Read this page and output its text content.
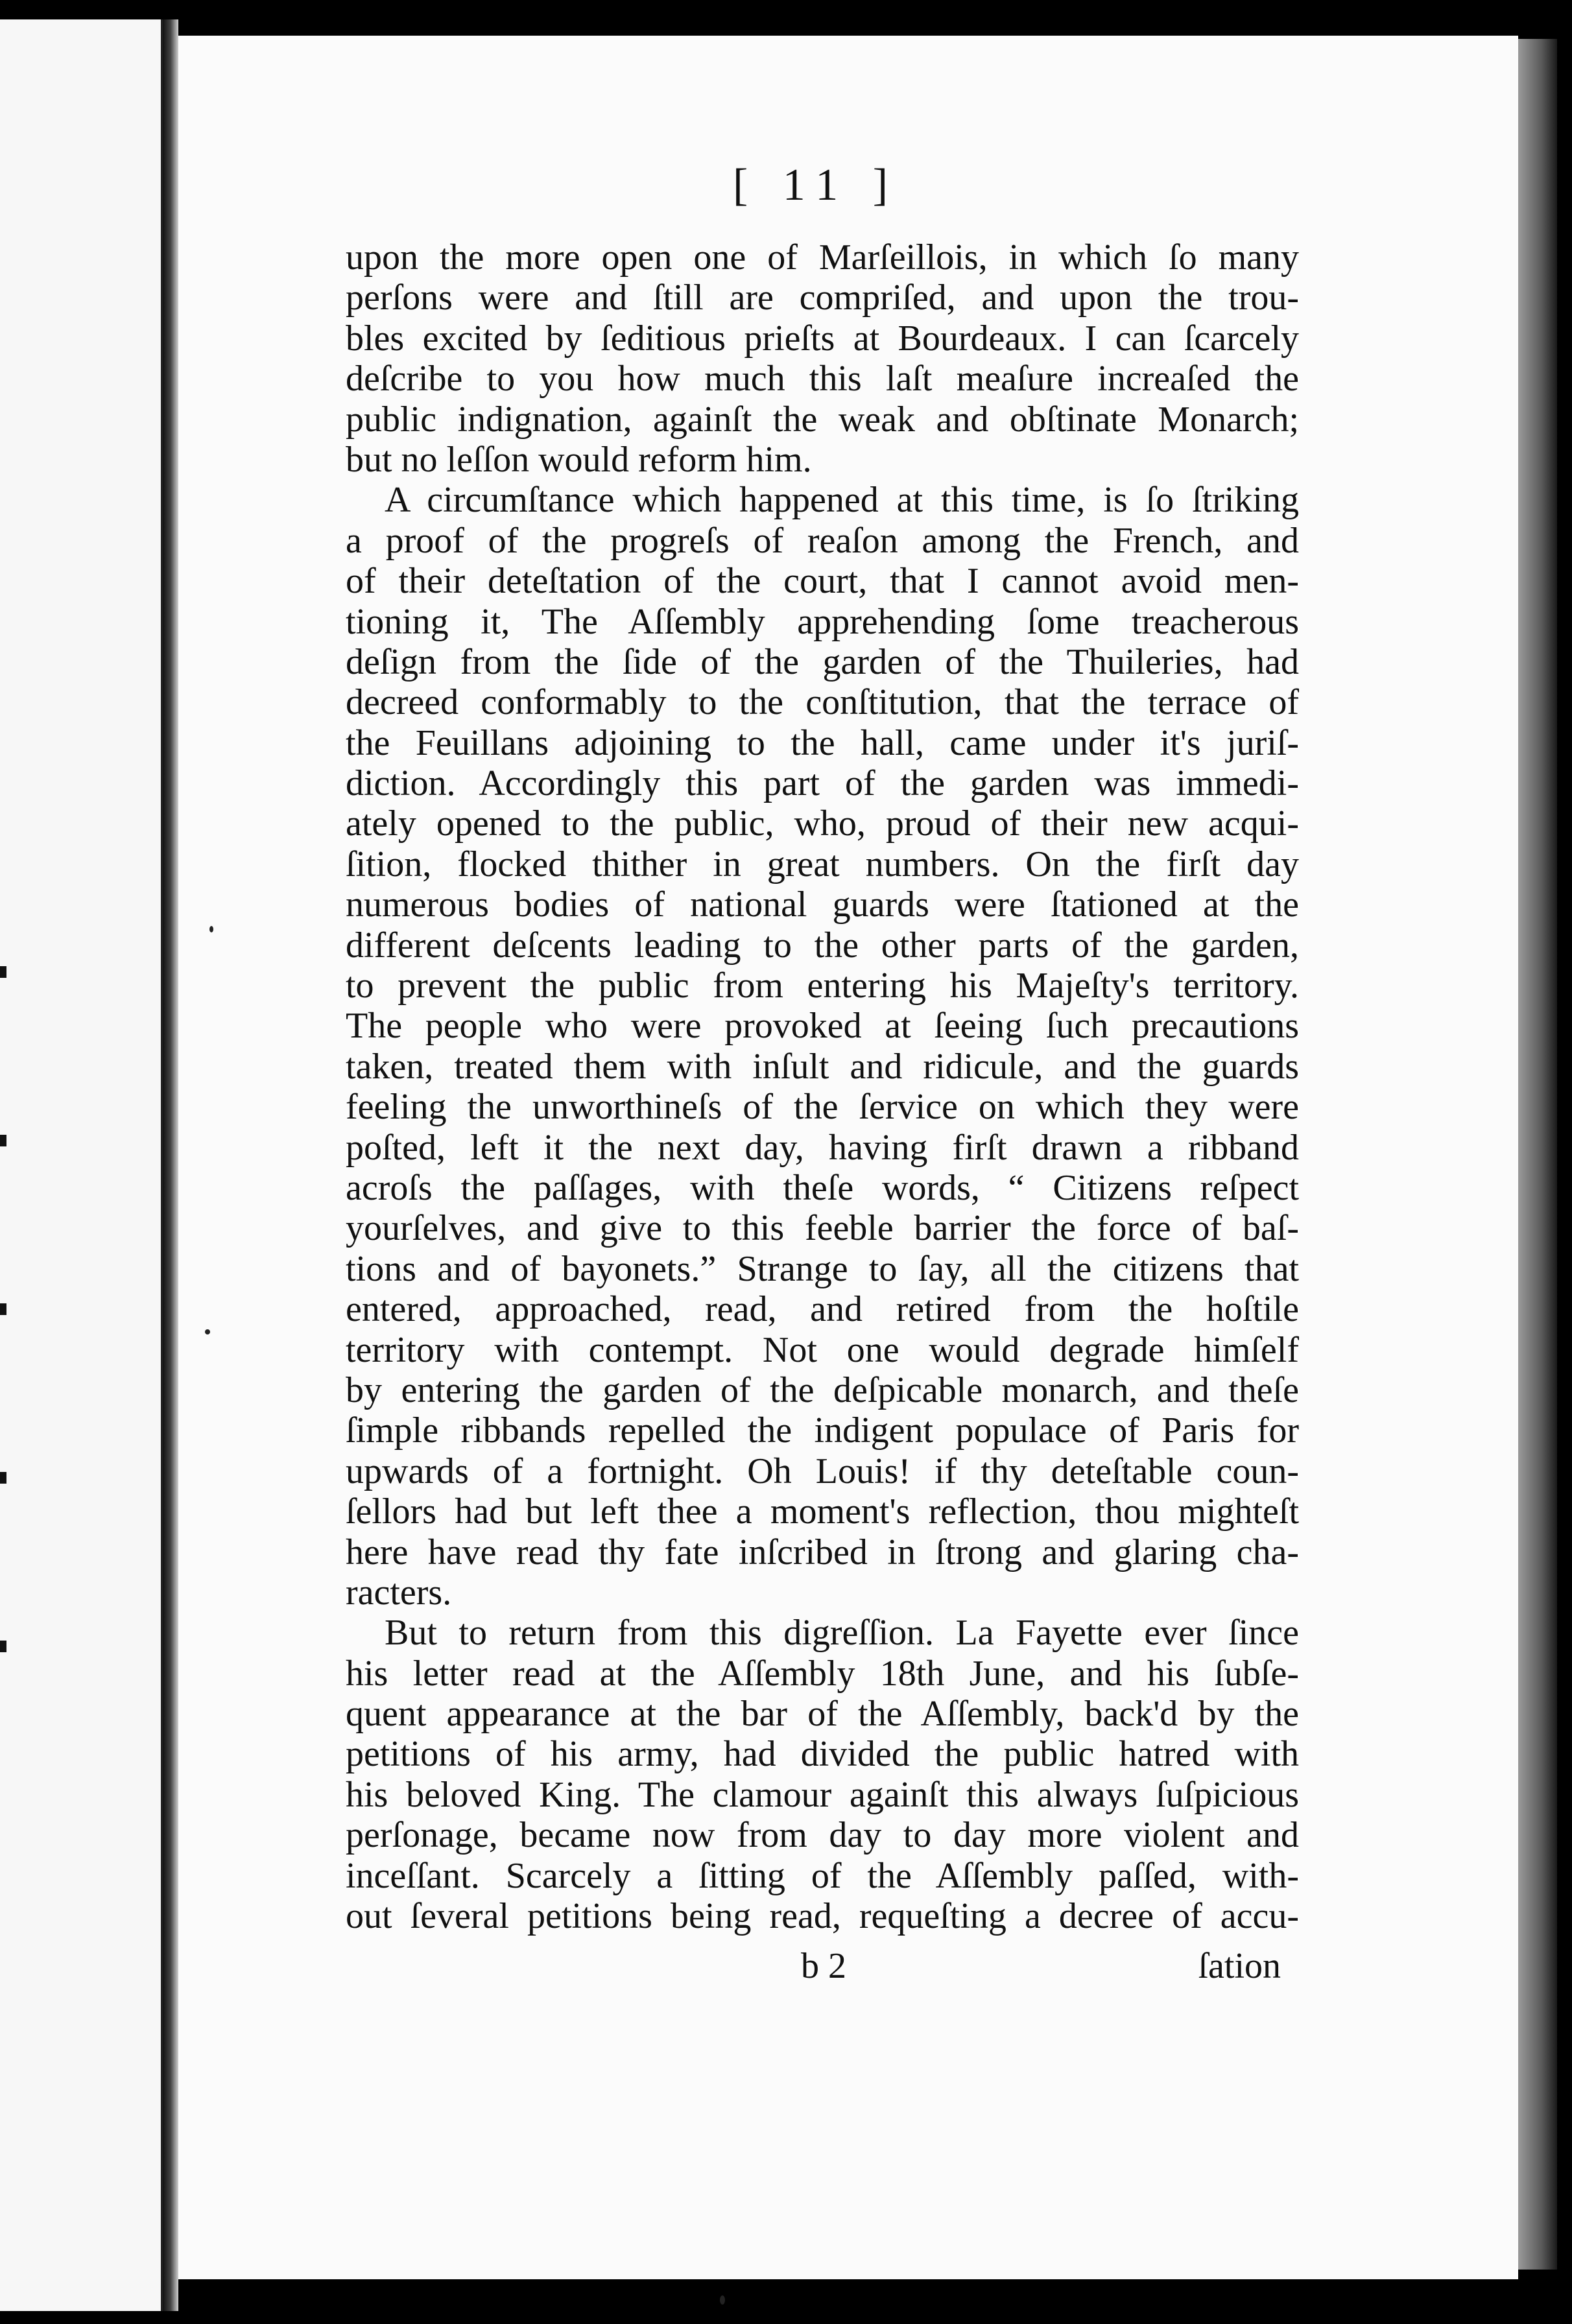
[ 11 ]
upon the more open one of Marſeillois, in which ſo many
perſons were and ſtill are compriſed, and upon the trou-
bles excited by ſeditious prieſts at Bourdeaux. I can ſcarcely
deſcribe to you how much this laſt meaſure increaſed the
public indignation, againſt the weak and obſtinate Monarch;
but no leſſon would reform him.
A circumſtance which happened at this time, is ſo ſtriking
a proof of the progreſs of reaſon among the French, and
of their deteſtation of the court, that I cannot avoid men-
tioning it, The Aſſembly apprehending ſome treacherous
deſign from the ſide of the garden of the Thuileries, had
decreed conformably to the conſtitution, that the terrace of
the Feuillans adjoining to the hall, came under it's juriſ-
diction. Accordingly this part of the garden was immedi-
ately opened to the public, who, proud of their new acqui-
ſition, flocked thither in great numbers. On the firſt day
numerous bodies of national guards were ſtationed at the
different deſcents leading to the other parts of the garden,
to prevent the public from entering his Majeſty's territory.
The people who were provoked at ſeeing ſuch precautions
taken, treated them with inſult and ridicule, and the guards
feeling the unworthineſs of the ſervice on which they were
poſted, left it the next day, having firſt drawn a ribband
acroſs the paſſages, with theſe words, “ Citizens reſpect
yourſelves, and give to this feeble barrier the force of baſ-
tions and of bayonets.” Strange to ſay, all the citizens that
entered, approached, read, and retired from the hoſtile
territory with contempt. Not one would degrade himſelf
by entering the garden of the deſpicable monarch, and theſe
ſimple ribbands repelled the indigent populace of Paris for
upwards of a fortnight. Oh Louis! if thy deteſtable coun-
ſellors had but left thee a moment's reflection, thou mighteſt
here have read thy fate inſcribed in ſtrong and glaring cha-
racters.
But to return from this digreſſion. La Fayette ever ſince
his letter read at the Aſſembly 18th June, and his ſubſe-
quent appearance at the bar of the Aſſembly, back'd by the
petitions of his army, had divided the public hatred with
his beloved King. The clamour againſt this always ſuſpicious
perſonage, became now from day to day more violent and
inceſſant. Scarcely a ſitting of the Aſſembly paſſed, with-
out ſeveral petitions being read, requeſting a decree of accu-
b 2	ſation
